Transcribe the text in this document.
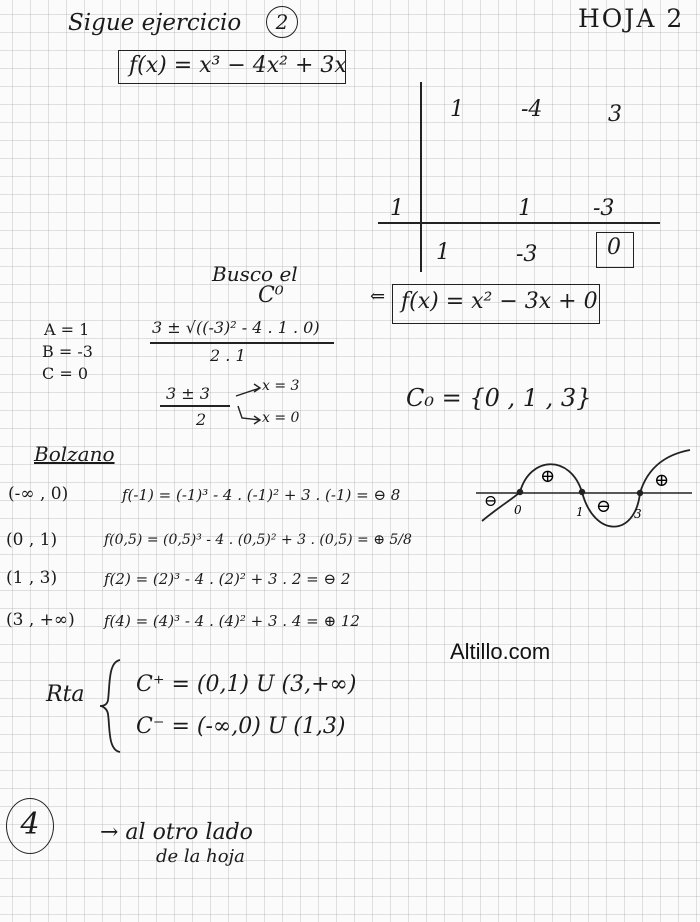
Sigue ejercicio	2	HOJA 2
f(x) = x³ − 4x² + 3x
1	-4	3
1	1	-3
1	-3	0
Busco el
C⁰	⇐ f(x) = x² − 3x + 0
A = 1
B = -3
C = 0
3 ± √((-3)² - 4 . 1 . 0)
2 . 1
3 ± 3
2
x = 3
x = 0
C₀ = {0 , 1 , 3}
Bolzano
(-∞ , 0)	f(-1) = (-1)³ - 4 . (-1)² + 3 . (-1) = ⊖ 8
(0 , 1)	f(0,5) = (0,5)³ - 4 . (0,5)² + 3 . (0,5) = ⊕ 5/8
(1 , 3)	f(2) = (2)³ - 4 . (2)² + 3 . 2 = ⊖ 2
(3 , +∞) f(4) = (4)³ - 4 . (4)² + 3 . 4 = ⊕ 12
0	1	3
⊖
⊕
⊖
⊕
Altillo.com
Rta C⁺ = (0,1) U (3,+∞)
C⁻ = (-∞,0) U (1,3)
4	→ al otro lado
de la hoja
